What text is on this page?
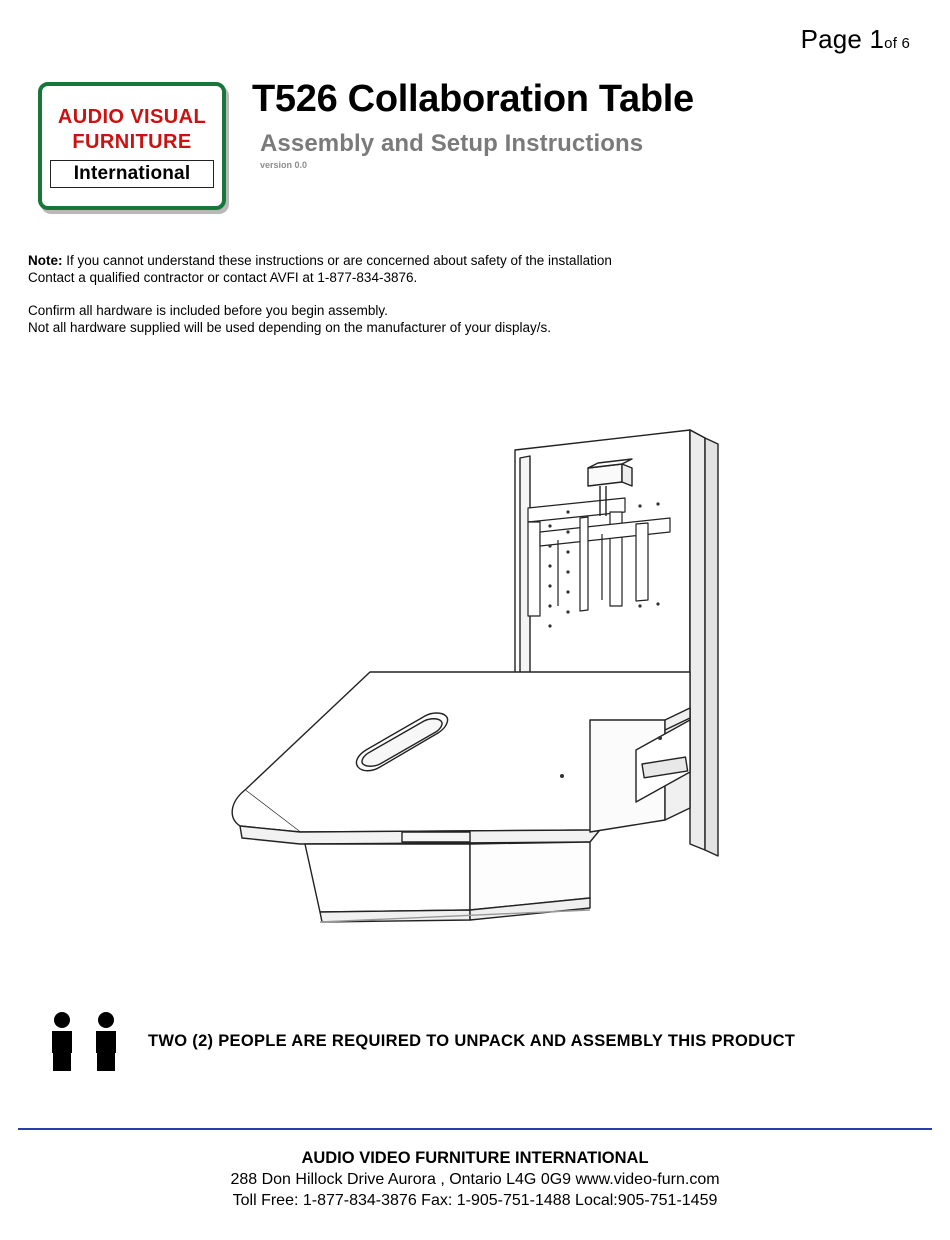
Page 1of 6
AUDIO VISUAL
FURNITURE
International
T526 Collaboration Table
Assembly and Setup Instructions
version 0.0

Note: If you cannot understand these instructions or are concerned about safety of the installation

Contact a qualified contractor or contact AVFI at 1-877-834-3876.

Confirm all hardware is included before you begin assembly.

Not all hardware supplied will be used depending on the manufacturer of your display/s.

TWO (2) PEOPLE ARE REQUIRED TO UNPACK AND ASSEMBLY THIS PRODUCT
AUDIO VIDEO FURNITURE INTERNATIONAL
288 Don Hillock Drive Aurora , Ontario L4G 0G9 www.video-furn.com
Toll Free: 1-877-834-3876 Fax: 1-905-751-1488 Local:905-751-1459
